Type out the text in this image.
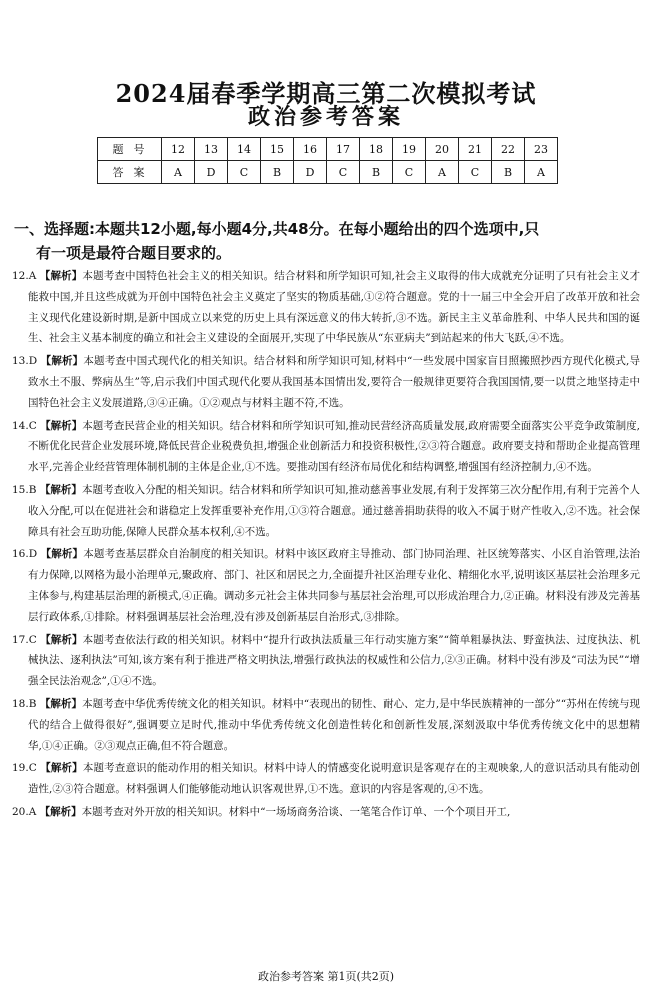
2024届春季学期高三第二次模拟考试
政治参考答案
题号	12	13	14	15	16	17	18	19	20	21	22	23
答案	A	D	C	B	D	C	B	C	A	C	B	A
一、选择题:本题共12小题,每小题4分,共48分。在每小题给出的四个选项中,只
有一项是最符合题目要求的。

12.A 【解析】本题考查中国特色社会主义的相关知识。结合材料和所学知识可知,社会主义取得的伟大成就充分证明了只有社会主义才能救中国,并且这些成就为开创中国特色社会主义奠定了坚实的物质基础,①②符合题意。党的十一届三中全会开启了改革开放和社会主义现代化建设新时期,是新中国成立以来党的历史上具有深远意义的伟大转折,③不选。新民主主义革命胜利、中华人民共和国的诞生、社会主义基本制度的确立和社会主义建设的全面展开,实现了中华民族从“东亚病夫”到站起来的伟大飞跃,④不选。

13.D 【解析】本题考查中国式现代化的相关知识。结合材料和所学知识可知,材料中“一些发展中国家盲目照搬照抄西方现代化模式,导致水土不服、弊病丛生”等,启示我们中国式现代化要从我国基本国情出发,要符合一般规律更要符合我国国情,要一以贯之地坚持走中国特色社会主义发展道路,③④正确。①②观点与材料主题不符,不选。

14.C 【解析】本题考查民营企业的相关知识。结合材料和所学知识可知,推动民营经济高质量发展,政府需要全面落实公平竞争政策制度,不断优化民营企业发展环境,降低民营企业税费负担,增强企业创新活力和投资积极性,②③符合题意。政府要支持和帮助企业提高管理水平,完善企业经营管理体制机制的主体是企业,①不选。要推动国有经济布局优化和结构调整,增强国有经济控制力,④不选。

15.B 【解析】本题考查收入分配的相关知识。结合材料和所学知识可知,推动慈善事业发展,有利于发挥第三次分配作用,有利于完善个人收入分配,可以在促进社会和谐稳定上发挥重要补充作用,①③符合题意。通过慈善捐助获得的收入不属于财产性收入,②不选。社会保障具有社会互助功能,保障人民群众基本权利,④不选。

16.D 【解析】本题考查基层群众自治制度的相关知识。材料中该区政府主导推动、部门协同治理、社区统筹落实、小区自治管理,法治有力保障,以网格为最小治理单元,聚政府、部门、社区和居民之力,全面提升社区治理专业化、精细化水平,说明该区基层社会治理多元主体参与,构建基层治理的新模式,④正确。调动多元社会主体共同参与基层社会治理,可以形成治理合力,②正确。材料没有涉及完善基层行政体系,①排除。材料强调基层社会治理,没有涉及创新基层自治形式,③排除。

17.C 【解析】本题考查依法行政的相关知识。材料中“提升行政执法质量三年行动实施方案”“简单粗暴执法、野蛮执法、过度执法、机械执法、逐利执法”可知,该方案有利于推进严格文明执法,增强行政执法的权威性和公信力,②③正确。材料中没有涉及“司法为民”“增强全民法治观念”,①④不选。

18.B 【解析】本题考查中华优秀传统文化的相关知识。材料中“表现出的韧性、耐心、定力,是中华民族精神的一部分”“苏州在传统与现代的结合上做得很好”,强调要立足时代,推动中华优秀传统文化创造性转化和创新性发展,深刻汲取中华优秀传统文化中的思想精华,①④正确。②③观点正确,但不符合题意。

19.C 【解析】本题考查意识的能动作用的相关知识。材料中诗人的情感变化说明意识是客观存在的主观映象,人的意识活动具有能动创造性,②③符合题意。材料强调人们能够能动地认识客观世界,①不选。意识的内容是客观的,④不选。

20.A 【解析】本题考查对外开放的相关知识。材料中“一场场商务洽谈、一笔笔合作订单、一个个项目开工,

政治参考答案 第1页(共2页)
